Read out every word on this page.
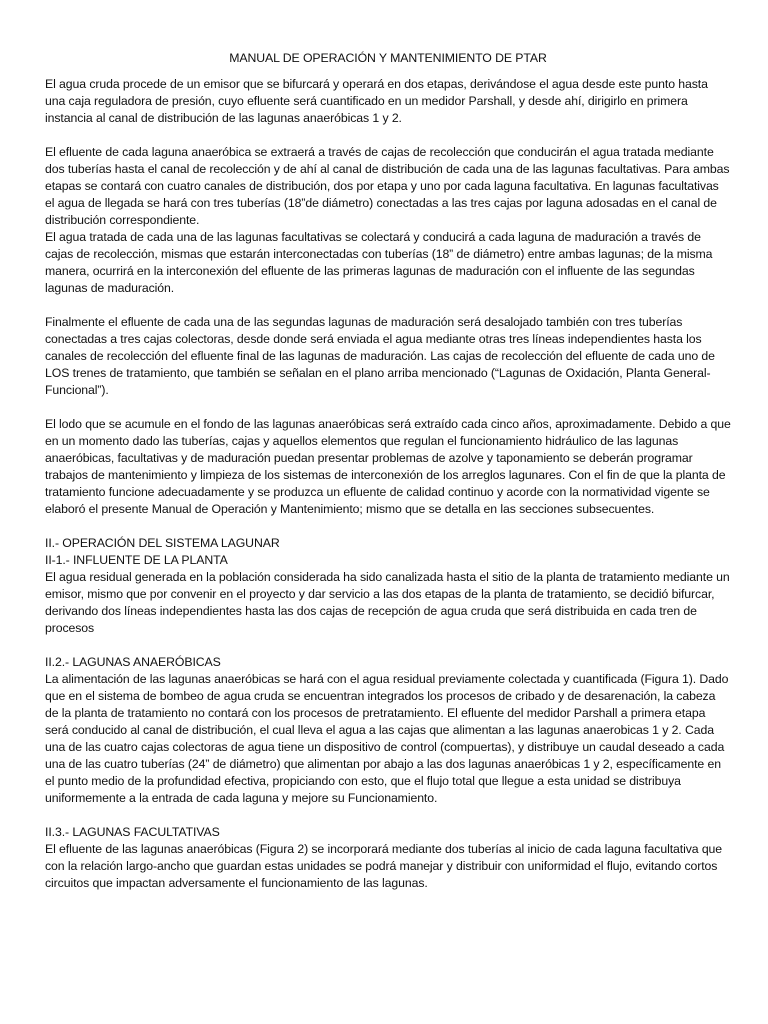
MANUAL DE OPERACIÓN Y MANTENIMIENTO DE PTAR

El agua cruda procede de un emisor que se bifurcará y operará en dos etapas, derivándose el agua desde este punto hasta una caja reguladora de presión, cuyo efluente será cuantificado en un medidor Parshall, y desde ahí, dirigirlo en primera instancia al canal de distribución de las lagunas anaeróbicas 1 y 2.

El efluente de cada laguna anaeróbica se extraerá a través de cajas de recolección que conducirán el agua tratada mediante dos tuberías hasta el canal de recolección y de ahí al canal de distribución de cada una de las lagunas facultativas. Para ambas etapas se contará con cuatro canales de distribución, dos por etapa y uno por cada laguna facultativa. En lagunas facultativas el agua de llegada se hará con tres tuberías (18”de diámetro) conectadas a las tres cajas por laguna adosadas en el canal de distribución correspondiente.

El agua tratada de cada una de las lagunas facultativas se colectará y conducirá a cada laguna de maduración a través de cajas de recolección, mismas que estarán interconectadas con tuberías (18” de diámetro) entre ambas lagunas; de la misma manera, ocurrirá en la interconexión del efluente de las primeras lagunas de maduración con el influente de las segundas lagunas de maduración.

Finalmente el efluente de cada una de las segundas lagunas de maduración será desalojado también con tres tuberías conectadas a tres cajas colectoras, desde donde será enviada el agua mediante otras tres líneas independientes hasta los canales de recolección del efluente final de las lagunas de maduración. Las cajas de recolección del efluente de cada uno de LOS trenes de tratamiento, que también se señalan en el plano arriba mencionado (“Lagunas de Oxidación, Planta General-Funcional”).

El lodo que se acumule en el fondo de las lagunas anaeróbicas será extraído cada cinco años, aproximadamente. Debido a que en un momento dado las tuberías, cajas y aquellos elementos que regulan el funcionamiento hidráulico de las lagunas anaeróbicas, facultativas y de maduración puedan presentar problemas de azolve y taponamiento se deberán programar trabajos de mantenimiento y limpieza de los sistemas de interconexión de los arreglos lagunares. Con el fin de que la planta de tratamiento funcione adecuadamente y se produzca un efluente de calidad continuo y acorde con la normatividad vigente se elaboró el presente Manual de Operación y Mantenimiento; mismo que se detalla en las secciones subsecuentes.

II.- OPERACIÓN DEL SISTEMA LAGUNAR

II-1.- INFLUENTE DE LA PLANTA

El agua residual generada en la población considerada ha sido canalizada hasta el sitio de la planta de tratamiento mediante un emisor, mismo que por convenir en el proyecto y dar servicio a las dos etapas de la planta de tratamiento, se decidió bifurcar, derivando dos líneas independientes hasta las dos cajas de recepción de agua cruda que será distribuida en cada tren de procesos

II.2.- LAGUNAS ANAERÓBICAS

La alimentación de las lagunas anaeróbicas se hará con el agua residual previamente colectada y cuantificada (Figura 1). Dado que en el sistema de bombeo de agua cruda se encuentran integrados los procesos de cribado y de desarenación, la cabeza de la planta de tratamiento no contará con los procesos de pretratamiento. El efluente del medidor Parshall a primera etapa será conducido al canal de distribución, el cual lleva el agua a las cajas que alimentan a las lagunas anaerobicas 1 y 2. Cada una de las cuatro cajas colectoras de agua tiene un dispositivo de control (compuertas), y distribuye un caudal deseado a cada una de las cuatro tuberías (24” de diámetro) que alimentan por abajo a las dos lagunas anaeróbicas 1 y 2, específicamente en el punto medio de la profundidad efectiva, propiciando con esto, que el flujo total que llegue a esta unidad se distribuya uniformemente a la entrada de cada laguna y mejore su Funcionamiento.

II.3.- LAGUNAS FACULTATIVAS

El efluente de las lagunas anaeróbicas (Figura 2) se incorporará mediante dos tuberías al inicio de cada laguna facultativa que con la relación largo-ancho que guardan estas unidades se podrá manejar y distribuir con uniformidad el flujo, evitando cortos circuitos que impactan adversamente el funcionamiento de las lagunas.
